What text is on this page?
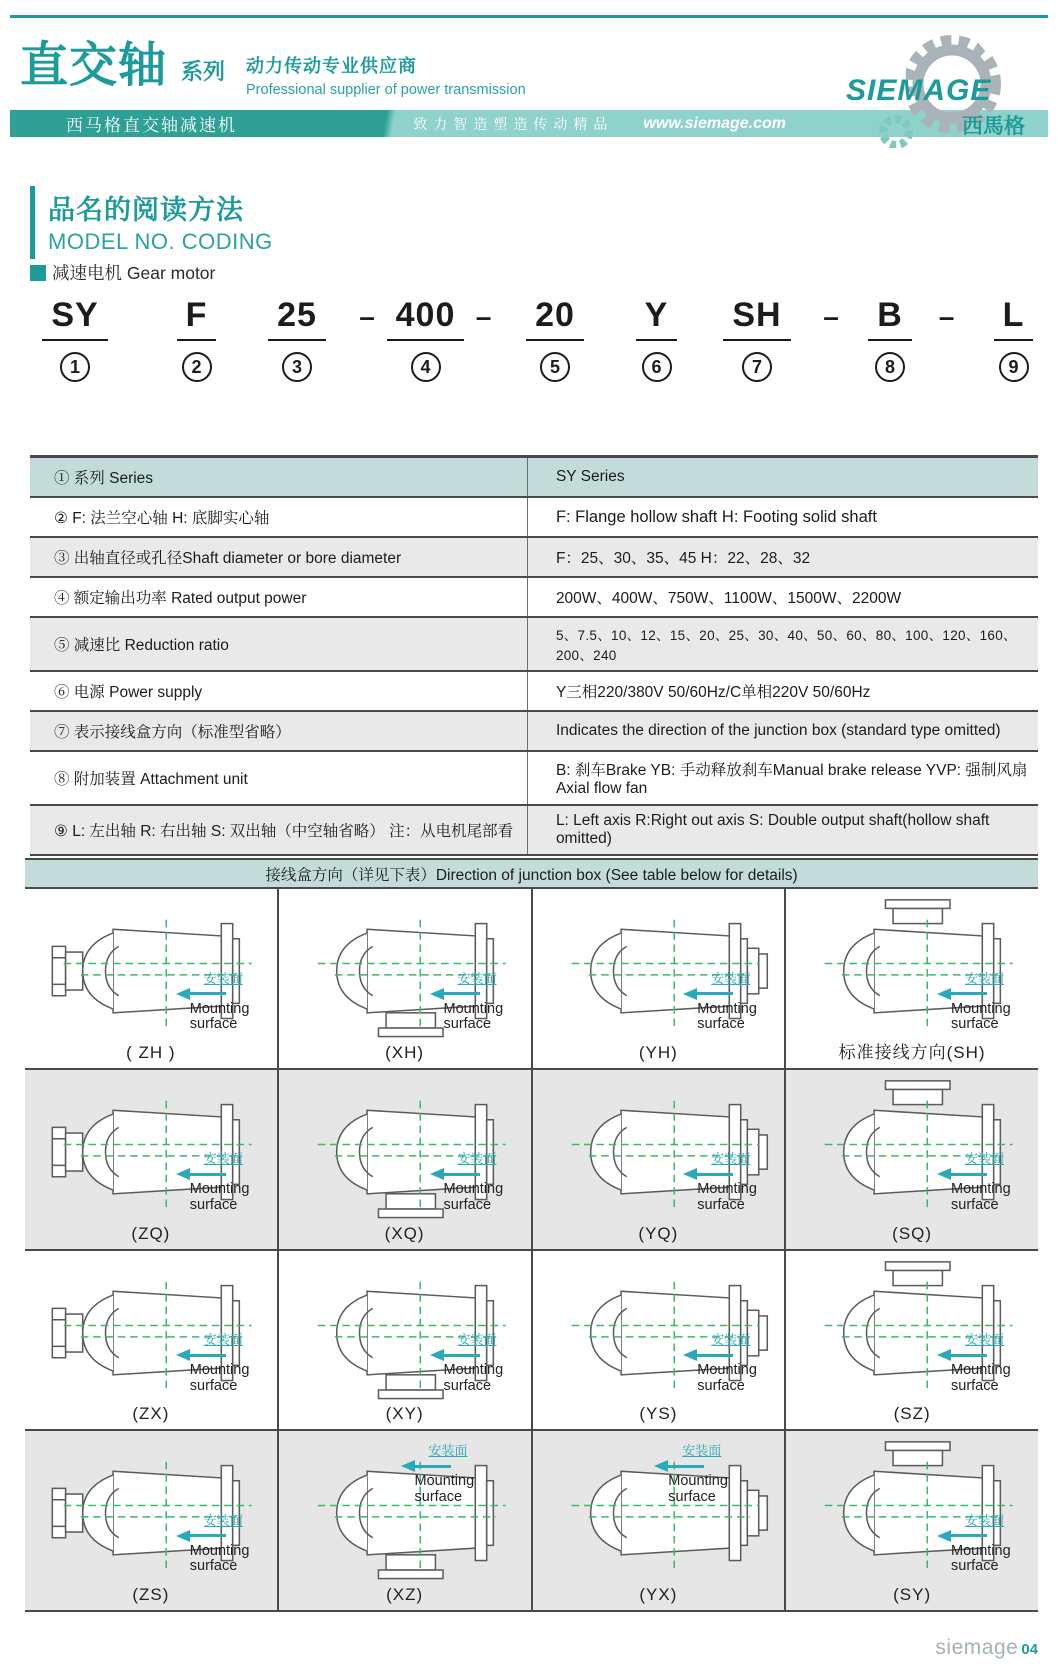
直交轴 系列 动力传动专业供应商
Professional supplier of power transmission
西马格直交轴减速机	致力智造塑造传动精品 www.siemage.com
SIEMAGE
西馬格
品名的阅读方法
MODEL NO. CODING
减速电机 Gear motor
SY
1
F
2
25
3
– 400
4
– 20
5
Y
6
SH
7
– B
8
– L
9
① 系列 Series	SY Series
② F: 法兰空心轴 H: 底脚实心轴	F: Flange hollow shaft H: Footing solid shaft
③ 出轴直径或孔径Shaft diameter or bore diameter	F：25、30、35、45 H：22、28、32
④ 额定输出功率 Rated output power	200W、400W、750W、1100W、1500W、2200W
⑤ 减速比 Reduction ratio
5、7.5、10、12、15、20、25、30、40、50、60、80、100、120、160、200、240
⑥ 电源 Power supply	Y三相220/380V 50/60Hz/C单相220V 50/60Hz
⑦ 表示接线盒方向（标准型省略）	Indicates the direction of the junction box (standard type omitted)
⑧ 附加装置 Attachment unit
B: 刹车Brake YB: 手动释放刹车Manual brake release YVP: 强制风扇 Axial flow fan
⑨ L: 左出轴 R: 右出轴 S: 双出轴（中空轴省略） 注：从电机尾部看
L: Left axis R:Right out axis S: Double output shaft(hollow shaft omitted)
接线盒方向（详见下表）Direction of junction box (See table below for details)
安装面
Mounting surface
( ZH )
安装面
Mounting surface
(XH)
安装面
Mounting surface
(YH)
安装面
Mounting surface
标准接线方向(SH)
安装面
Mounting surface
(ZQ)
安装面
Mounting surface
(XQ)
安装面
Mounting surface
(YQ)
安装面
Mounting surface
(SQ)
安装面
Mounting surface
(ZX)
安装面
Mounting surface
(XY)
安装面
Mounting surface
(YS)
安装面
Mounting surface
(SZ)
安装面
Mounting surface
(ZS)
安装面
Mounting surface
(XZ)
安装面
Mounting surface
(YX)
安装面
Mounting surface
(SY)
siemage 04
